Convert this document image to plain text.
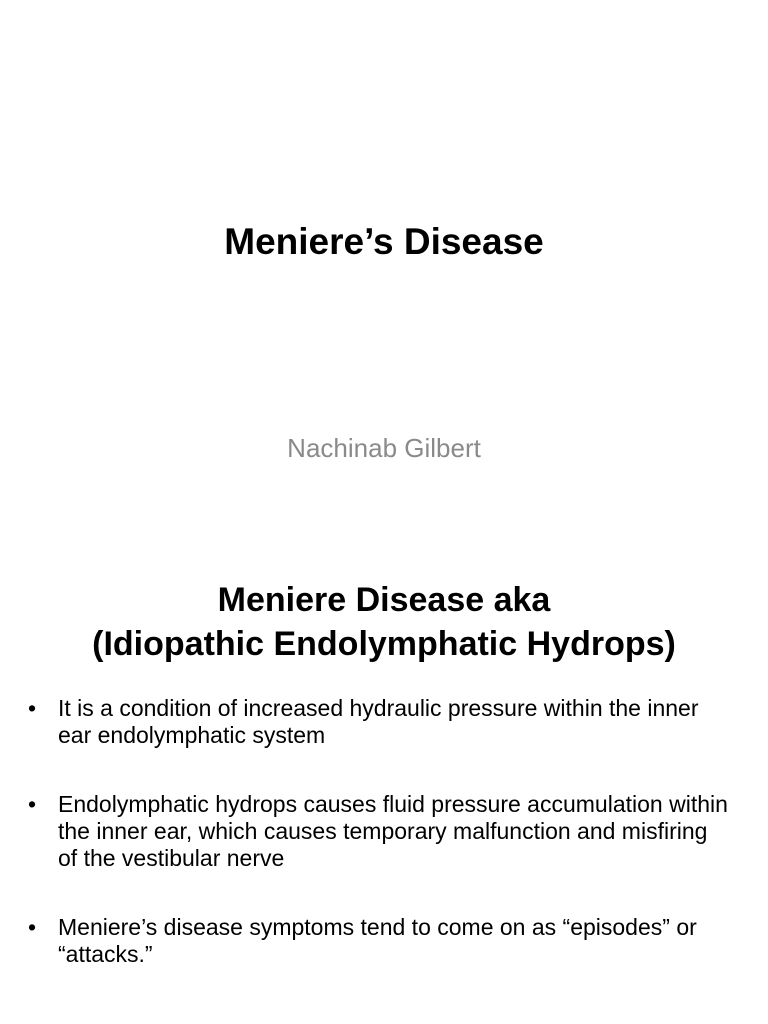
Meniere’s Disease

Nachinab Gilbert

Meniere Disease aka
(Idiopathic Endolymphatic Hydrops)
• It is a condition of increased hydraulic pressure within the inner ear endolymphatic system
• Endolymphatic hydrops causes fluid pressure accumulation within the inner ear, which causes temporary malfunction and misfiring of the vestibular nerve
• Meniere’s disease symptoms tend to come on as “episodes” or “attacks.”
